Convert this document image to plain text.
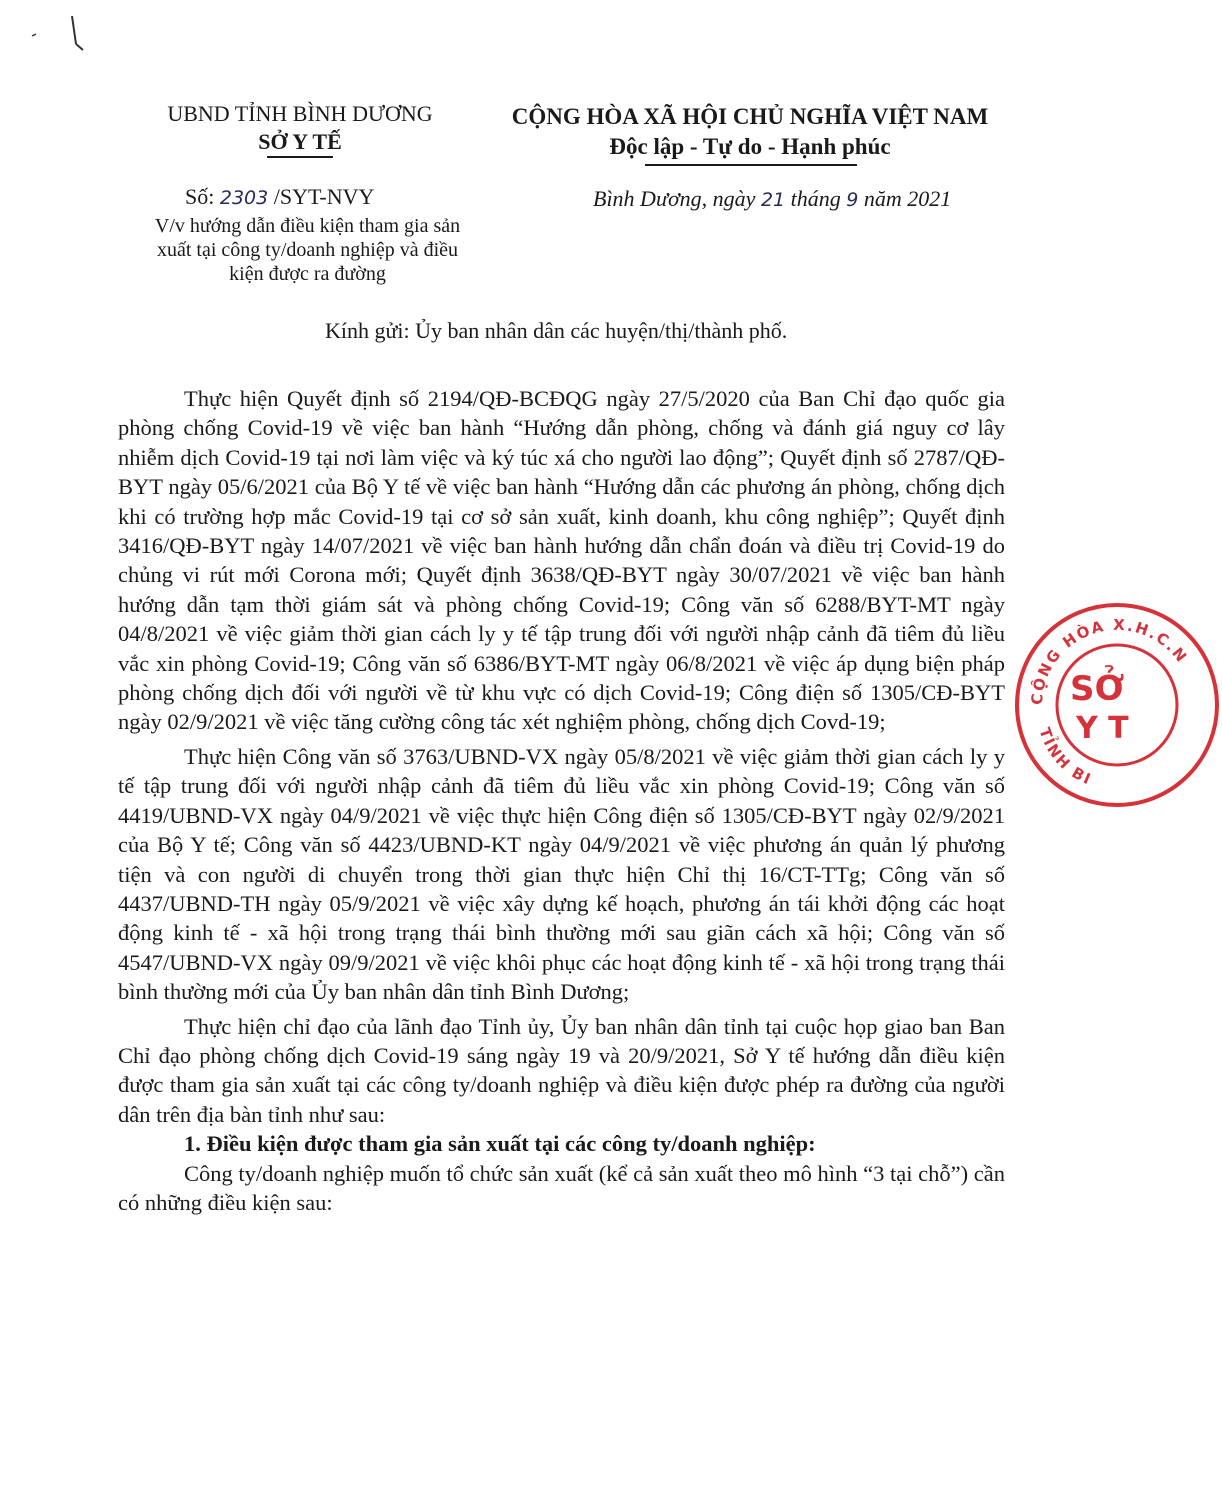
UBND TỈNH BÌNH DƯƠNG
SỞ Y TẾ
CỘNG HÒA XÃ HỘI CHỦ NGHĨA VIỆT NAM
Độc lập - Tự do - Hạnh phúc
Số: 2303 /SYT-NVY
V/v hướng dẫn điều kiện tham gia sản xuất tại công ty/doanh nghiệp và điều kiện được ra đường
Bình Dương, ngày 21 tháng 9 năm 2021
Kính gửi: Ủy ban nhân dân các huyện/thị/thành phố.

Thực hiện Quyết định số 2194/QĐ-BCĐQG ngày 27/5/2020 của Ban Chỉ đạo quốc gia phòng chống Covid-19 về việc ban hành “Hướng dẫn phòng, chống và đánh giá nguy cơ lây nhiễm dịch Covid-19 tại nơi làm việc và ký túc xá cho người lao động”; Quyết định số 2787/QĐ-BYT ngày 05/6/2021 của Bộ Y tế về việc ban hành “Hướng dẫn các phương án phòng, chống dịch khi có trường hợp mắc Covid-19 tại cơ sở sản xuất, kinh doanh, khu công nghiệp”; Quyết định 3416/QĐ-BYT ngày 14/07/2021 về việc ban hành hướng dẫn chẩn đoán và điều trị Covid-19 do chủng vi rút mới Corona mới; Quyết định 3638/QĐ-BYT ngày 30/07/2021 về việc ban hành hướng dẫn tạm thời giám sát và phòng chống Covid-19; Công văn số 6288/BYT-MT ngày 04/8/2021 về việc giảm thời gian cách ly y tế tập trung đối với người nhập cảnh đã tiêm đủ liều vắc xin phòng Covid-19; Công văn số 6386/BYT-MT ngày 06/8/2021 về việc áp dụng biện pháp phòng chống dịch đối với người về từ khu vực có dịch Covid-19; Công điện số 1305/CĐ-BYT ngày 02/9/2021 về việc tăng cường công tác xét nghiệm phòng, chống dịch Covd-19;

Thực hiện Công văn số 3763/UBND-VX ngày 05/8/2021 về việc giảm thời gian cách ly y tế tập trung đối với người nhập cảnh đã tiêm đủ liều vắc xin phòng Covid-19; Công văn số 4419/UBND-VX ngày 04/9/2021 về việc thực hiện Công điện số 1305/CĐ-BYT ngày 02/9/2021 của Bộ Y tế; Công văn số 4423/UBND-KT ngày 04/9/2021 về việc phương án quản lý phương tiện và con người di chuyển trong thời gian thực hiện Chỉ thị 16/CT-TTg; Công văn số 4437/UBND-TH ngày 05/9/2021 về việc xây dựng kế hoạch, phương án tái khởi động các hoạt động kinh tế - xã hội trong trạng thái bình thường mới sau giãn cách xã hội; Công văn số 4547/UBND-VX ngày 09/9/2021 về việc khôi phục các hoạt động kinh tế - xã hội trong trạng thái bình thường mới của Ủy ban nhân dân tỉnh Bình Dương;

Thực hiện chỉ đạo của lãnh đạo Tỉnh ủy, Ủy ban nhân dân tỉnh tại cuộc họp giao ban Ban Chỉ đạo phòng chống dịch Covid-19 sáng ngày 19 và 20/9/2021, Sở Y tế hướng dẫn điều kiện được tham gia sản xuất tại các công ty/doanh nghiệp và điều kiện được phép ra đường của người dân trên địa bàn tỉnh như sau:

1. Điều kiện được tham gia sản xuất tại các công ty/doanh nghiệp:

Công ty/doanh nghiệp muốn tổ chức sản xuất (kể cả sản xuất theo mô hình “3 tại chỗ”) cần có những điều kiện sau:

CỘNG HÒA X.H.C.N
TỈNH BI
SỞ
Y T
